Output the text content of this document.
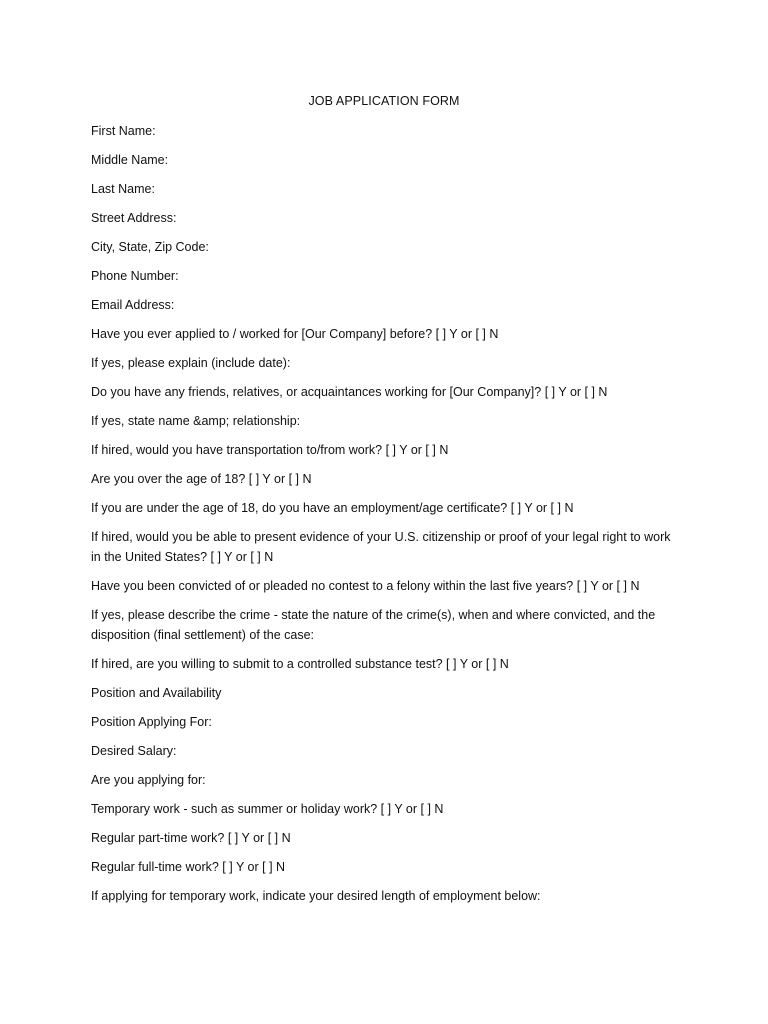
JOB APPLICATION FORM
First Name:
Middle Name:
Last Name:
Street Address:
City, State, Zip Code:
Phone Number:
Email Address:
Have you ever applied to / worked for [Our Company] before? [ ] Y or [ ] N
If yes, please explain (include date):
Do you have any friends, relatives, or acquaintances working for [Our Company]? [ ] Y or [ ] N
If yes, state name &amp; relationship:
If hired, would you have transportation to/from work? [ ] Y or [ ] N
Are you over the age of 18? [ ] Y or [ ] N
If you are under the age of 18, do you have an employment/age certificate? [ ] Y or [ ] N
If hired, would you be able to present evidence of your U.S. citizenship or proof of your legal right to work in the United States? [ ] Y or [ ] N
Have you been convicted of or pleaded no contest to a felony within the last five years? [ ] Y or [ ] N
If yes, please describe the crime - state the nature of the crime(s), when and where convicted, and the disposition (final settlement) of the case:
If hired, are you willing to submit to a controlled substance test? [ ] Y or [ ] N
Position and Availability
Position Applying For:
Desired Salary:
Are you applying for:
Temporary work - such as summer or holiday work? [ ] Y or [ ] N
Regular part-time work? [ ] Y or [ ] N
Regular full-time work? [ ] Y or [ ] N
If applying for temporary work, indicate your desired length of employment below:
